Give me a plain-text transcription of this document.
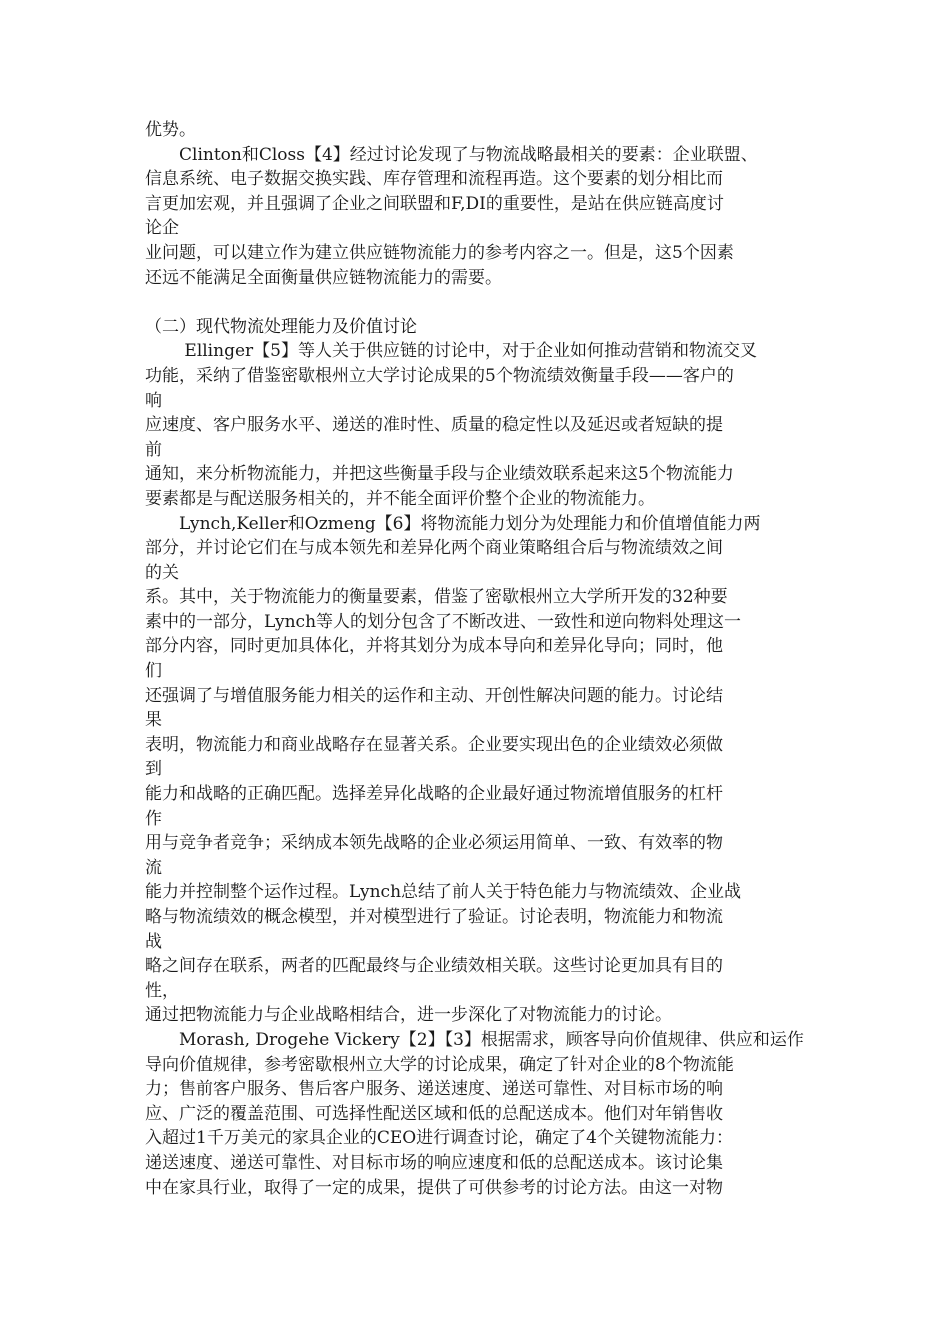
优势。
　　Clinton和Closs【4】经过讨论发现了与物流战略最相关的要素：企业联盟、
信息系统、电子数据交换实践、库存管理和流程再造。这个要素的划分相比而
言更加宏观，并且强调了企业之间联盟和F,DI的重要性，是站在供应链高度讨
论企
业问题，可以建立作为建立供应链物流能力的参考内容之一。但是，这5个因素
还远不能满足全面衡量供应链物流能力的需要。
（二）现代物流处理能力及价值讨论
　　 Ellinger【5】等人关于供应链的讨论中，对于企业如何推动营销和物流交叉
功能，采纳了借鉴密歇根州立大学讨论成果的5个物流绩效衡量手段——客户的
响
应速度、客户服务水平、递送的准时性、质量的稳定性以及延迟或者短缺的提
前
通知，来分析物流能力，并把这些衡量手段与企业绩效联系起来这5个物流能力
要素都是与配送服务相关的，并不能全面评价整个企业的物流能力。
　　Lynch,Keller和Ozmeng【6】将物流能力划分为处理能力和价值增值能力两
部分，并讨论它们在与成本领先和差异化两个商业策略组合后与物流绩效之间
的关
系。其中，关于物流能力的衡量要素，借鉴了密歇根州立大学所开发的32种要
素中的一部分，Lynch等人的划分包含了不断改进、一致性和逆向物料处理这一
部分内容，同时更加具体化，并将其划分为成本导向和差异化导向；同时，他
们
还强调了与增值服务能力相关的运作和主动、开创性解决问题的能力。讨论结
果
表明，物流能力和商业战略存在显著关系。企业要实现出色的企业绩效必须做
到
能力和战略的正确匹配。选择差异化战略的企业最好通过物流增值服务的杠杆
作
用与竞争者竞争；采纳成本领先战略的企业必须运用简单、一致、有效率的物
流
能力并控制整个运作过程。Lynch总结了前人关于特色能力与物流绩效、企业战
略与物流绩效的概念模型，并对模型进行了验证。讨论表明，物流能力和物流
战
略之间存在联系，两者的匹配最终与企业绩效相关联。这些讨论更加具有目的
性，
通过把物流能力与企业战略相结合，进一步深化了对物流能力的讨论。
　　Morash, Drogehe Vickery【2】【3】根据需求，顾客导向价值规律、供应和运作
导向价值规律，参考密歇根州立大学的讨论成果，确定了针对企业的8个物流能
力；售前客户服务、售后客户服务、递送速度、递送可靠性、对目标市场的响
应、广泛的覆盖范围、可选择性配送区域和低的总配送成本。他们对年销售收
入超过1千万美元的家具企业的CEO进行调查讨论，确定了4个关键物流能力：
递送速度、递送可靠性、对目标市场的响应速度和低的总配送成本。该讨论集
中在家具行业，取得了一定的成果，提供了可供参考的讨论方法。由这一对物
